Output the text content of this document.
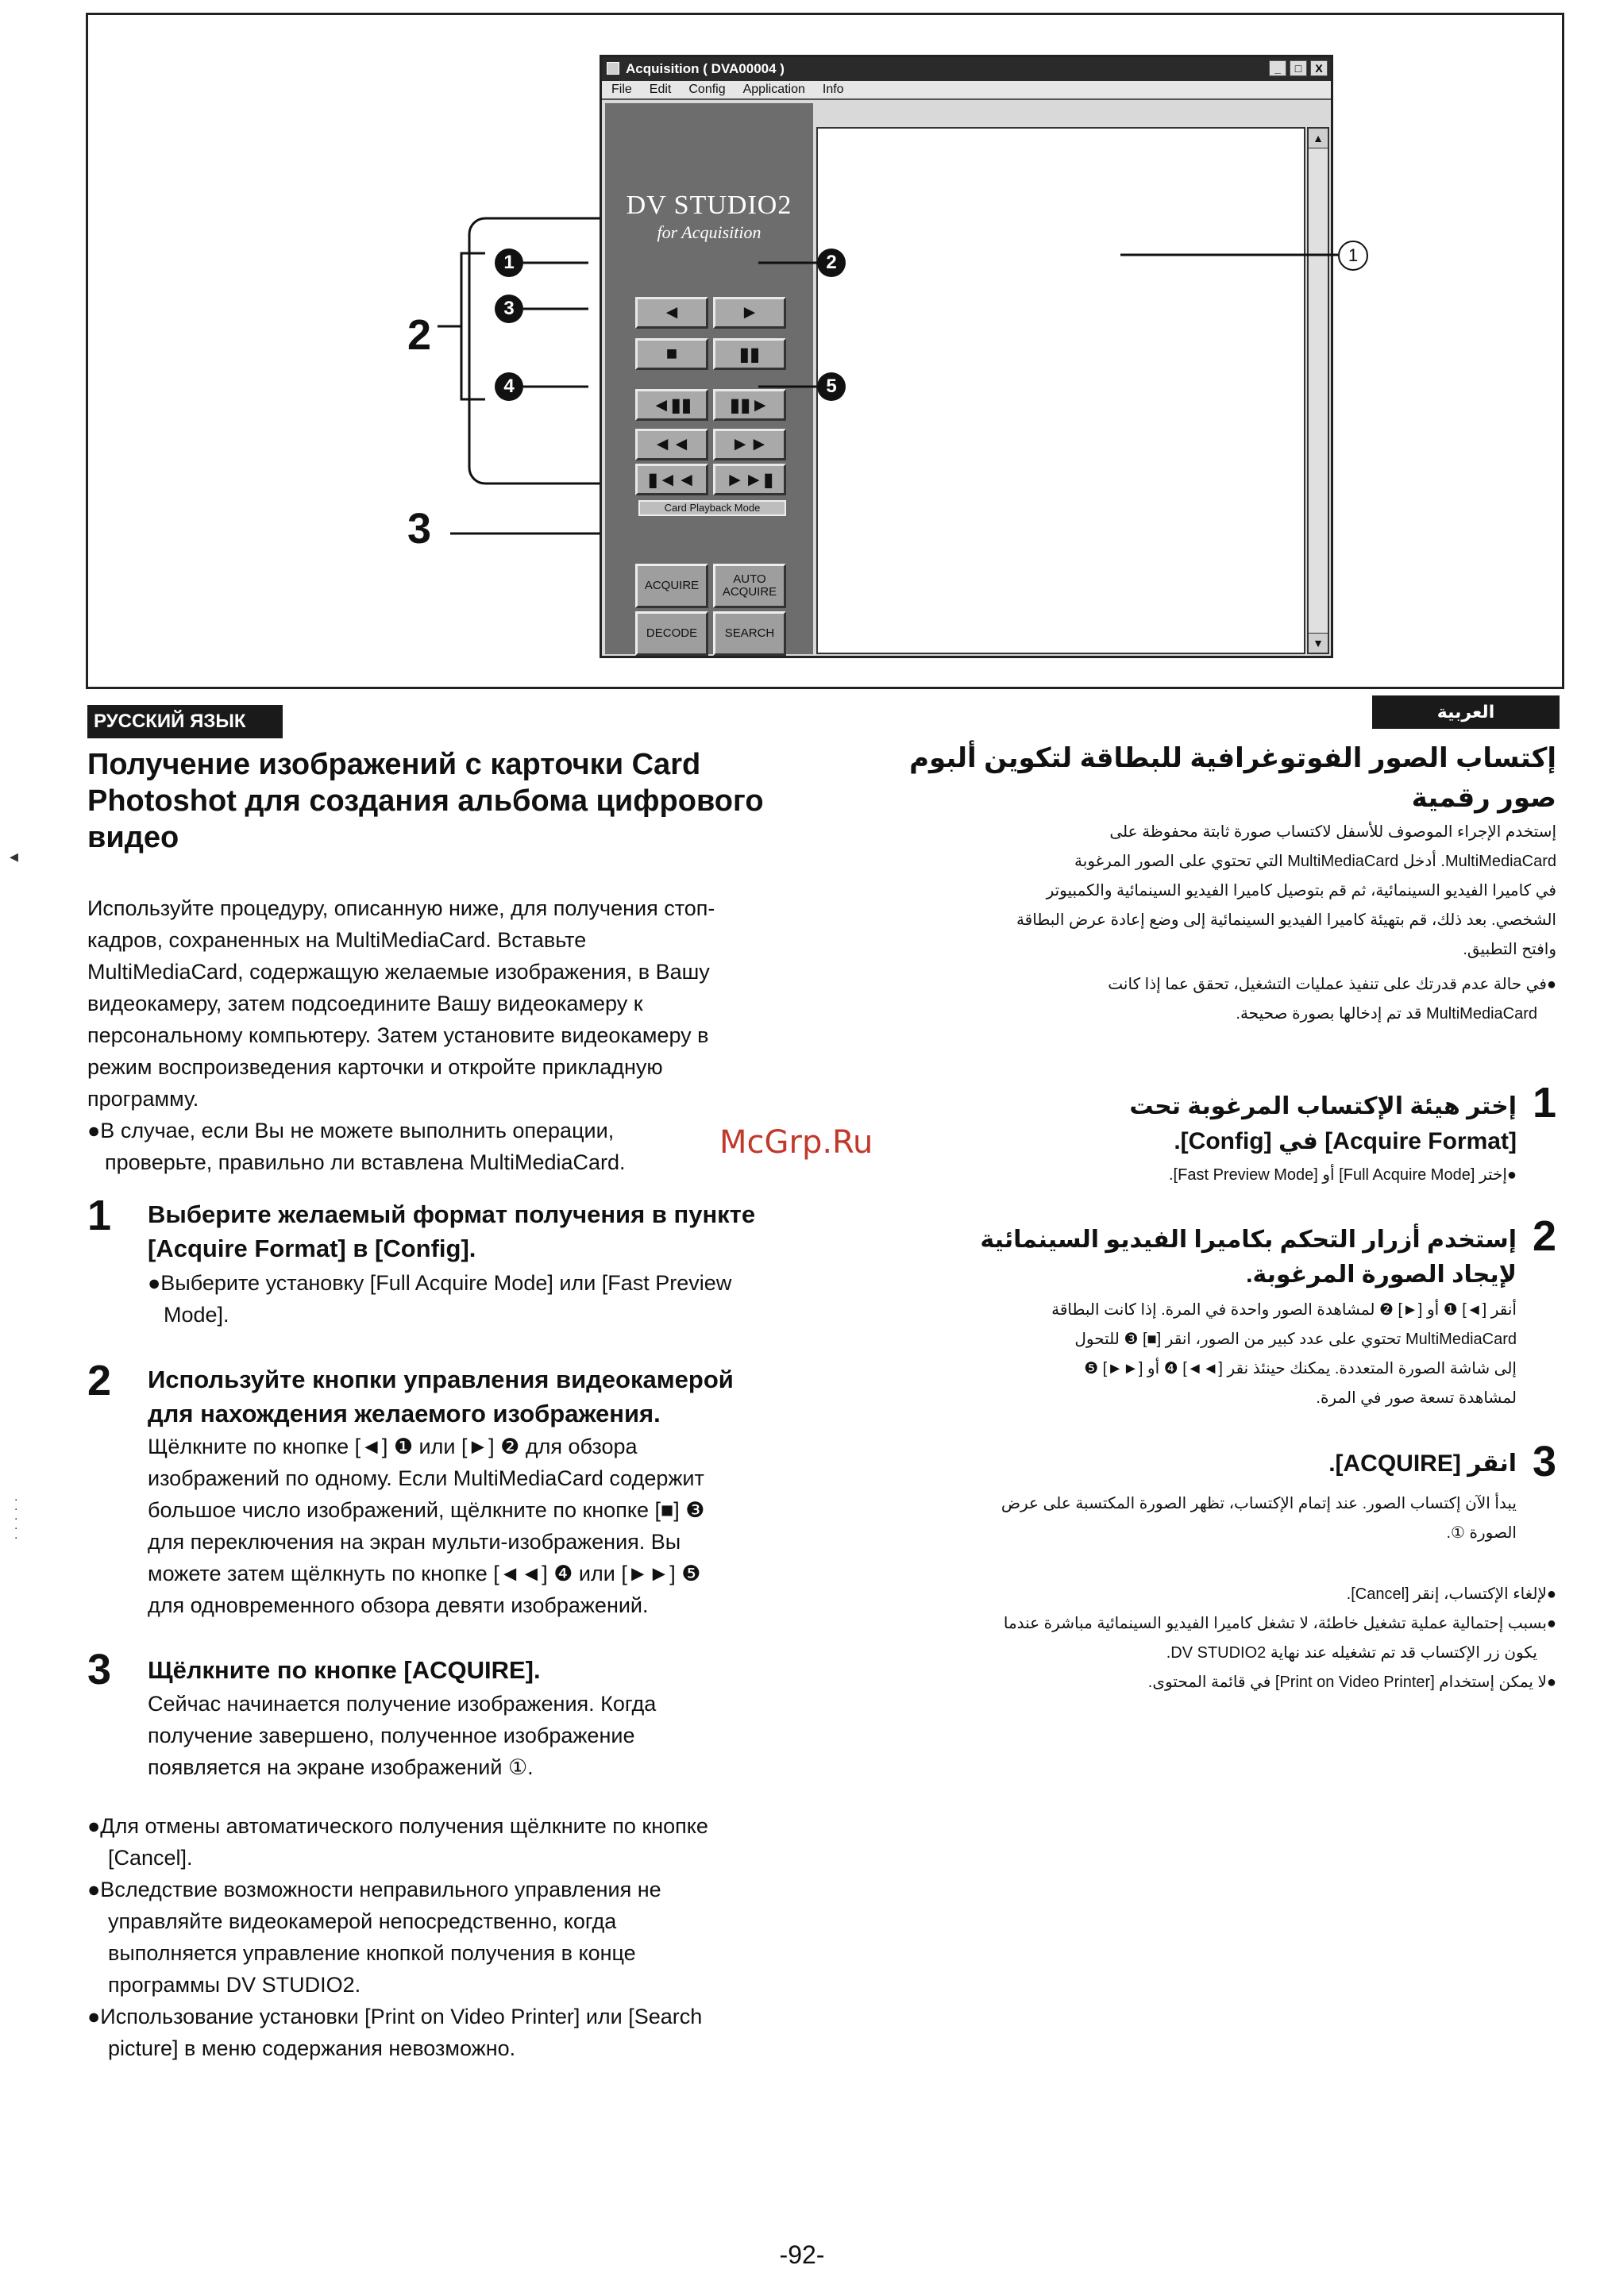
2
3
Acquisition ( DVA00004 )	_	□	X
File Edit Config Application Info
DV STUDIO2
for Acquisition
◄	►
■	▮▮
◄▮▮	▮▮►
◄◄	►►
▮◄◄	►►▮
Card Playback Mode
ACQUIRE	AUTO ACQUIRE
DECODE	SEARCH
▲
▼
1	2
3
4	5
1
РУССКИЙ ЯЗЫК
Получение изображений с карточки Card
Photoshot для создания альбома цифрового
видео
◂
Используйте процедуру, описанную ниже, для получения стоп-
кадров, сохраненных на MultiMediaCard. Вставьте
MultiMediaCard, содержащую желаемые изображения, в Вашу
видеокамеру, затем подсоедините Вашу видеокамеру к
персональному компьютеру. Затем установите видеокамеру в
режим воспроизведения карточки и откройте прикладную
программу.
●В случае, если Вы не можете выполнить операции,
проверьте, правильно ли вставлена MultiMediaCard.
1 Выберите желаемый формат получения в пункте
[Acquire Format] в [Config].
●Выберите установку [Full Acquire Mode] или [Fast Preview
Mode].
2 Используйте кнопки управления видеокамерой
для нахождения желаемого изображения.
Щёлкните по кнопке [◄] ❶ или [►] ❷ для обзора
изображений по одному. Если MultiMediaCard содержит
большое число изображений, щёлкните по кнопке [■] ❸
для переключения на экран мульти-изображения. Вы
можете затем щёлкнуть по кнопке [◄◄] ❹ или [►►] ❺
для одновременного обзора девяти изображений.
3 Щёлкните по кнопке [ACQUIRE].
Сейчас начинается получение изображения. Когда
получение завершено, полученное изображение
появляется на экране изображений ①.
●Для отмены автоматического получения щёлкните по кнопке
[Cancel].
●Вследствие возможности неправильного управления не
управляйте видеокамерой непосредственно, когда
выполняется управление кнопкой получения в конце
программы DV STUDIO2.
●Использование установки [Print on Video Printer] или [Search
picture] в меню содержания невозможно.
.
.
.
.
.
McGrp.Ru
العربية
إكتساب الصور الفوتوغرافية للبطاقة لتكوين ألبوم
صور رقمية
إستخدم الإجراء الموصوف للأسفل لاكتساب صورة ثابتة محفوظة على
MultiMediaCard. أدخل MultiMediaCard التي تحتوي على الصور المرغوبة
في كاميرا الفيديو السينمائية، ثم قم بتوصيل كاميرا الفيديو السينمائية والكمبيوتر
الشخصي. بعد ذلك، قم بتهيئة كاميرا الفيديو السينمائية إلى وضع إعادة عرض البطاقة
وافتح التطبيق.
●في حالة عدم قدرتك على تنفيذ عمليات التشغيل، تحقق عما إذا كانت
MultiMediaCard قد تم إدخالها بصورة صحيحة.
1
إختر هيئة الإكتساب المرغوبة تحت
[Acquire Format] في [Config].
●إختر [Full Acquire Mode] أو [Fast Preview Mode].
2
إستخدم أزرار التحكم بكاميرا الفيديو السينمائية
لإيجاد الصورة المرغوبة.
أنقر [◄] ❶ أو [►] ❷ لمشاهدة الصور واحدة في المرة. إذا كانت البطاقة
MultiMediaCard تحتوي على عدد كبير من الصور، انقر [■] ❸ للتحول
إلى شاشة الصورة المتعددة. يمكنك حينئذ نقر [◄◄] ❹ أو [►►] ❺
لمشاهدة تسعة صور في المرة.
3
انقر [ACQUIRE].
يبدأ الآن إكتساب الصور. عند إتمام الإكتساب، تظهر الصورة المكتسبة على عرض
الصورة ①.
●لإلغاء الإكتساب، إنقر [Cancel].
●بسبب إحتمالية عملية تشغيل خاطئة، لا تشغل كاميرا الفيديو السينمائية مباشرة عندما
يكون زر الإكتساب قد تم تشغيله عند نهاية DV STUDIO2.
●لا يمكن إستخدام [Print on Video Printer] في قائمة المحتوى.
-92-
